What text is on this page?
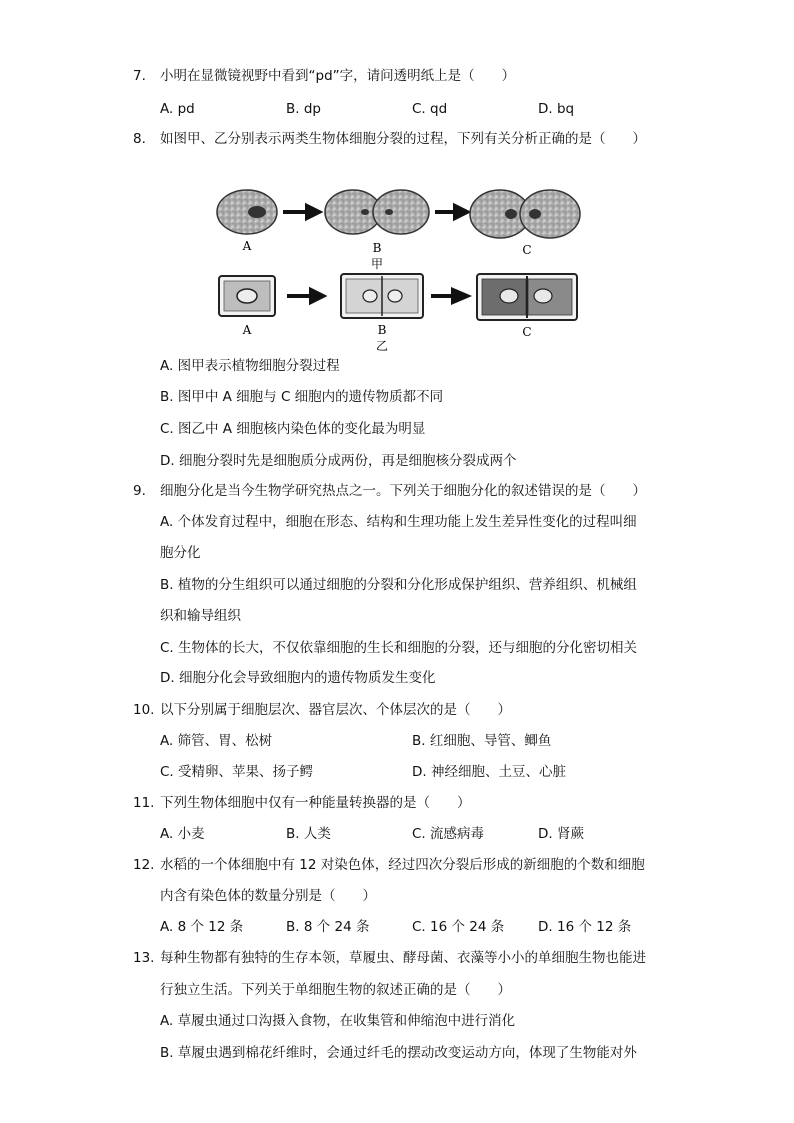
7. 小明在显微镜视野中看到“pd”字，请问透明纸上是（　　）
A. pd	B. dp	C. qd	D. bq
8. 如图甲、乙分别表示两类生物体细胞分裂的过程，下列有关分析正确的是（　　）
A	B
甲
C
A	B
乙
C
A. 图甲表示植物细胞分裂过程
B. 图甲中 A 细胞与 C 细胞内的遗传物质都不同
C. 图乙中 A 细胞核内染色体的变化最为明显
D. 细胞分裂时先是细胞质分成两份，再是细胞核分裂成两个
9. 细胞分化是当今生物学研究热点之一。下列关于细胞分化的叙述错误的是（　　）
A. 个体发育过程中，细胞在形态、结构和生理功能上发生差异性变化的过程叫细
胞分化
B. 植物的分生组织可以通过细胞的分裂和分化形成保护组织、营养组织、机械组
织和输导组织
C. 生物体的长大，不仅依靠细胞的生长和细胞的分裂，还与细胞的分化密切相关
D. 细胞分化会导致细胞内的遗传物质发生变化
10. 以下分别属于细胞层次、器官层次、个体层次的是（　　）
A. 筛管、胃、松树	B. 红细胞、导管、鲫鱼
C. 受精卵、苹果、扬子鳄	D. 神经细胞、土豆、心脏
11. 下列生物体细胞中仅有一种能量转换器的是（　　）
A. 小麦	B. 人类	C. 流感病毒	D. 肾蕨
12. 水稻的一个体细胞中有 12 对染色体，经过四次分裂后形成的新细胞的个数和细胞
内含有染色体的数量分别是（　　）
A. 8 个 12 条	B. 8 个 24 条	C. 16 个 24 条	D. 16 个 12 条
13. 每种生物都有独特的生存本领，草履虫、酵母菌、衣藻等小小的单细胞生物也能进
行独立生活。下列关于单细胞生物的叙述正确的是（　　）
A. 草履虫通过口沟摄入食物，在收集管和伸缩泡中进行消化
B. 草履虫遇到棉花纤维时，会通过纤毛的摆动改变运动方向，体现了生物能对外
